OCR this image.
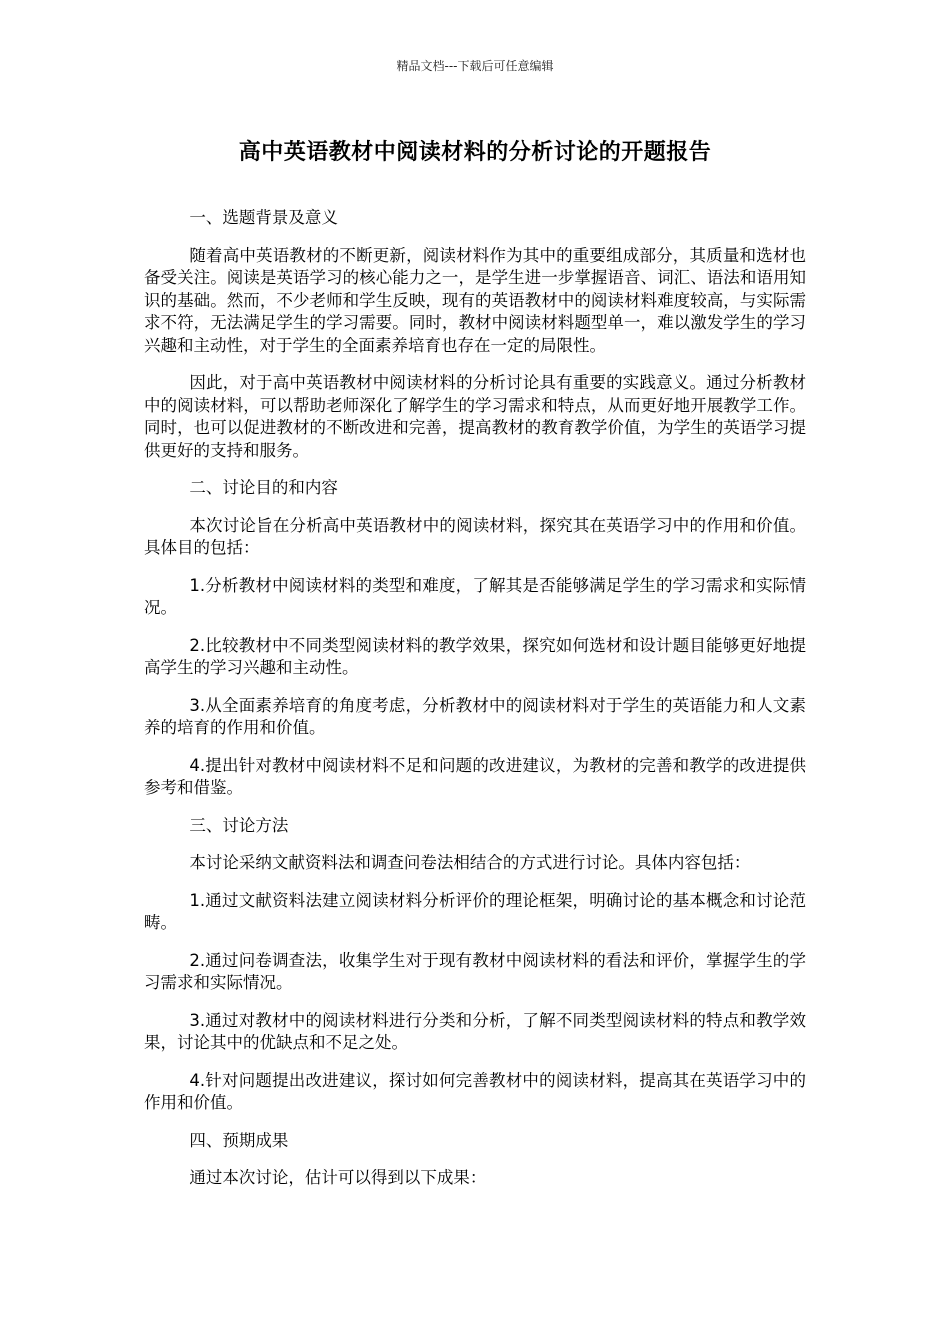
精品文档---下载后可任意编辑
高中英语教材中阅读材料的分析讨论的开题报告
一、选题背景及意义

随着高中英语教材的不断更新，阅读材料作为其中的重要组成部分，其质量和选材也备受关注。阅读是英语学习的核心能力之一，是学生进一步掌握语音、词汇、语法和语用知识的基础。然而，不少老师和学生反映，现有的英语教材中的阅读材料难度较高，与实际需求不符，无法满足学生的学习需要。同时，教材中阅读材料题型单一，难以激发学生的学习兴趣和主动性，对于学生的全面素养培育也存在一定的局限性。

因此，对于高中英语教材中阅读材料的分析讨论具有重要的实践意义。通过分析教材中的阅读材料，可以帮助老师深化了解学生的学习需求和特点，从而更好地开展教学工作。同时，也可以促进教材的不断改进和完善，提高教材的教育教学价值，为学生的英语学习提供更好的支持和服务。

二、讨论目的和内容

本次讨论旨在分析高中英语教材中的阅读材料，探究其在英语学习中的作用和价值。具体目的包括：

1.分析教材中阅读材料的类型和难度，了解其是否能够满足学生的学习需求和实际情况。

2.比较教材中不同类型阅读材料的教学效果，探究如何选材和设计题目能够更好地提高学生的学习兴趣和主动性。

3.从全面素养培育的角度考虑，分析教材中的阅读材料对于学生的英语能力和人文素养的培育的作用和价值。

4.提出针对教材中阅读材料不足和问题的改进建议，为教材的完善和教学的改进提供参考和借鉴。

三、讨论方法

本讨论采纳文献资料法和调查问卷法相结合的方式进行讨论。具体内容包括：

1.通过文献资料法建立阅读材料分析评价的理论框架，明确讨论的基本概念和讨论范畴。

2.通过问卷调查法，收集学生对于现有教材中阅读材料的看法和评价，掌握学生的学习需求和实际情况。

3.通过对教材中的阅读材料进行分类和分析，了解不同类型阅读材料的特点和教学效果，讨论其中的优缺点和不足之处。

4.针对问题提出改进建议，探讨如何完善教材中的阅读材料，提高其在英语学习中的作用和价值。

四、预期成果

通过本次讨论，估计可以得到以下成果：
